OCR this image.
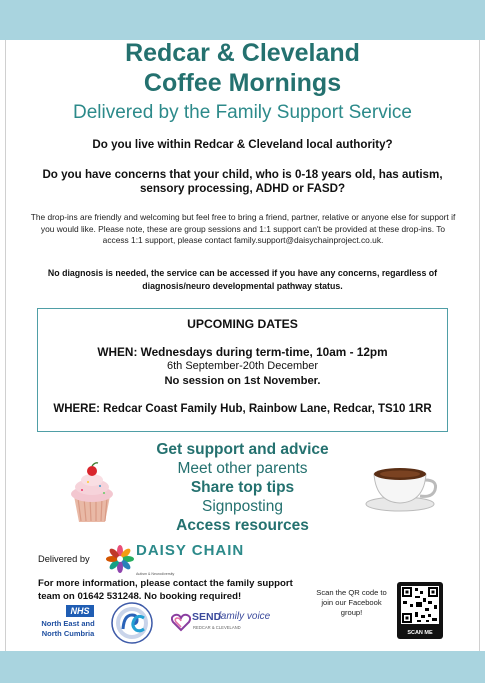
Redcar & Cleveland
Coffee Mornings
Delivered by the Family Support Service
Do you live within Redcar & Cleveland local authority?
Do you have concerns that your child, who is 0-18 years old, has autism, sensory processing, ADHD or FASD?
The drop-ins are friendly and welcoming but feel free to bring a friend, partner, relative or anyone else for support if you would like. Please note, these are group sessions and 1:1 support can't be provided at these drop-ins. To access 1:1 support, please contact family.support@daisychainproject.co.uk.
No diagnosis is needed, the service can be accessed if you have any concerns, regardless of diagnosis/neuro developmental pathway status.
UPCOMING DATES
WHEN: Wednesdays during term-time, 10am - 12pm
6th September-20th December
No session on 1st November.
WHERE: Redcar Coast Family Hub, Rainbow Lane, Redcar, TS10 1RR
Get support and advice
Meet other parents
Share top tips
Signposting
Access resources
Delivered by	DAISY CHAIN
Autism & Neurodiversity
For more information, please contact the family support team on 01642 531248. No booking required!	Scan the QR code to join our Facebook group!
SCAN ME
NHS
North East and North Cumbria
SEND
family voice
REDCAR & CLEVELAND
